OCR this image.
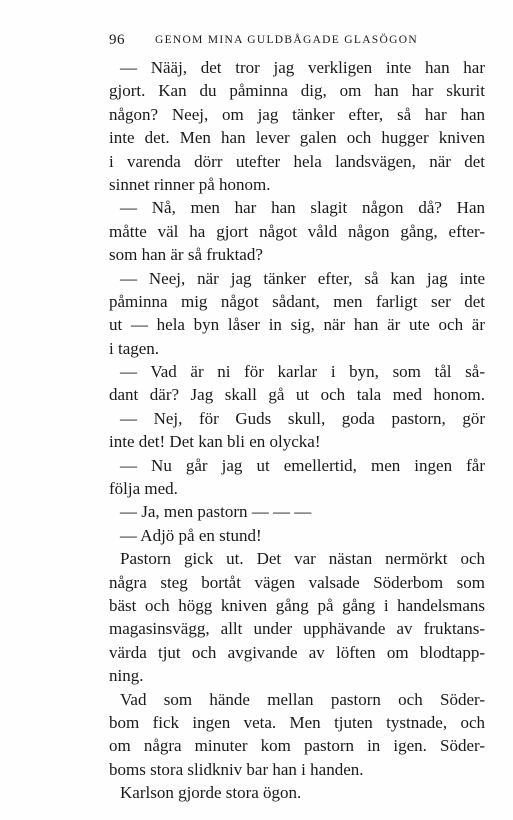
96	GENOM MINA GULDBÅGADE GLASÖGON
— Nääj, det tror jag verkligen inte han har
gjort. Kan du påminna dig, om han har skurit
någon? Neej, om jag tänker efter, så har han
inte det. Men han lever galen och hugger kniven
i varenda dörr utefter hela landsvägen, när det
sinnet rinner på honom.
— Nå, men har han slagit någon då? Han
måtte väl ha gjort något våld någon gång, efter-
som han är så fruktad?
— Neej, när jag tänker efter, så kan jag inte
påminna mig något sådant, men farligt ser det
ut — hela byn låser in sig, när han är ute och är
i tagen.
— Vad är ni för karlar i byn, som tål så-
dant där? Jag skall gå ut och tala med honom.
— Nej, för Guds skull, goda pastorn, gör
inte det! Det kan bli en olycka!
— Nu går jag ut emellertid, men ingen får
följa med.
— Ja, men pastorn — — —
— Adjö på en stund!
Pastorn gick ut. Det var nästan nermörkt och
några steg bortåt vägen valsade Söderbom som
bäst och högg kniven gång på gång i handelsmans
magasinsvägg, allt under upphävande av fruktans-
värda tjut och avgivande av löften om blodtapp-
ning.
Vad som hände mellan pastorn och Söder-
bom fick ingen veta. Men tjuten tystnade, och
om några minuter kom pastorn in igen. Söder-
boms stora slidkniv bar han i handen.
Karlson gjorde stora ögon.
